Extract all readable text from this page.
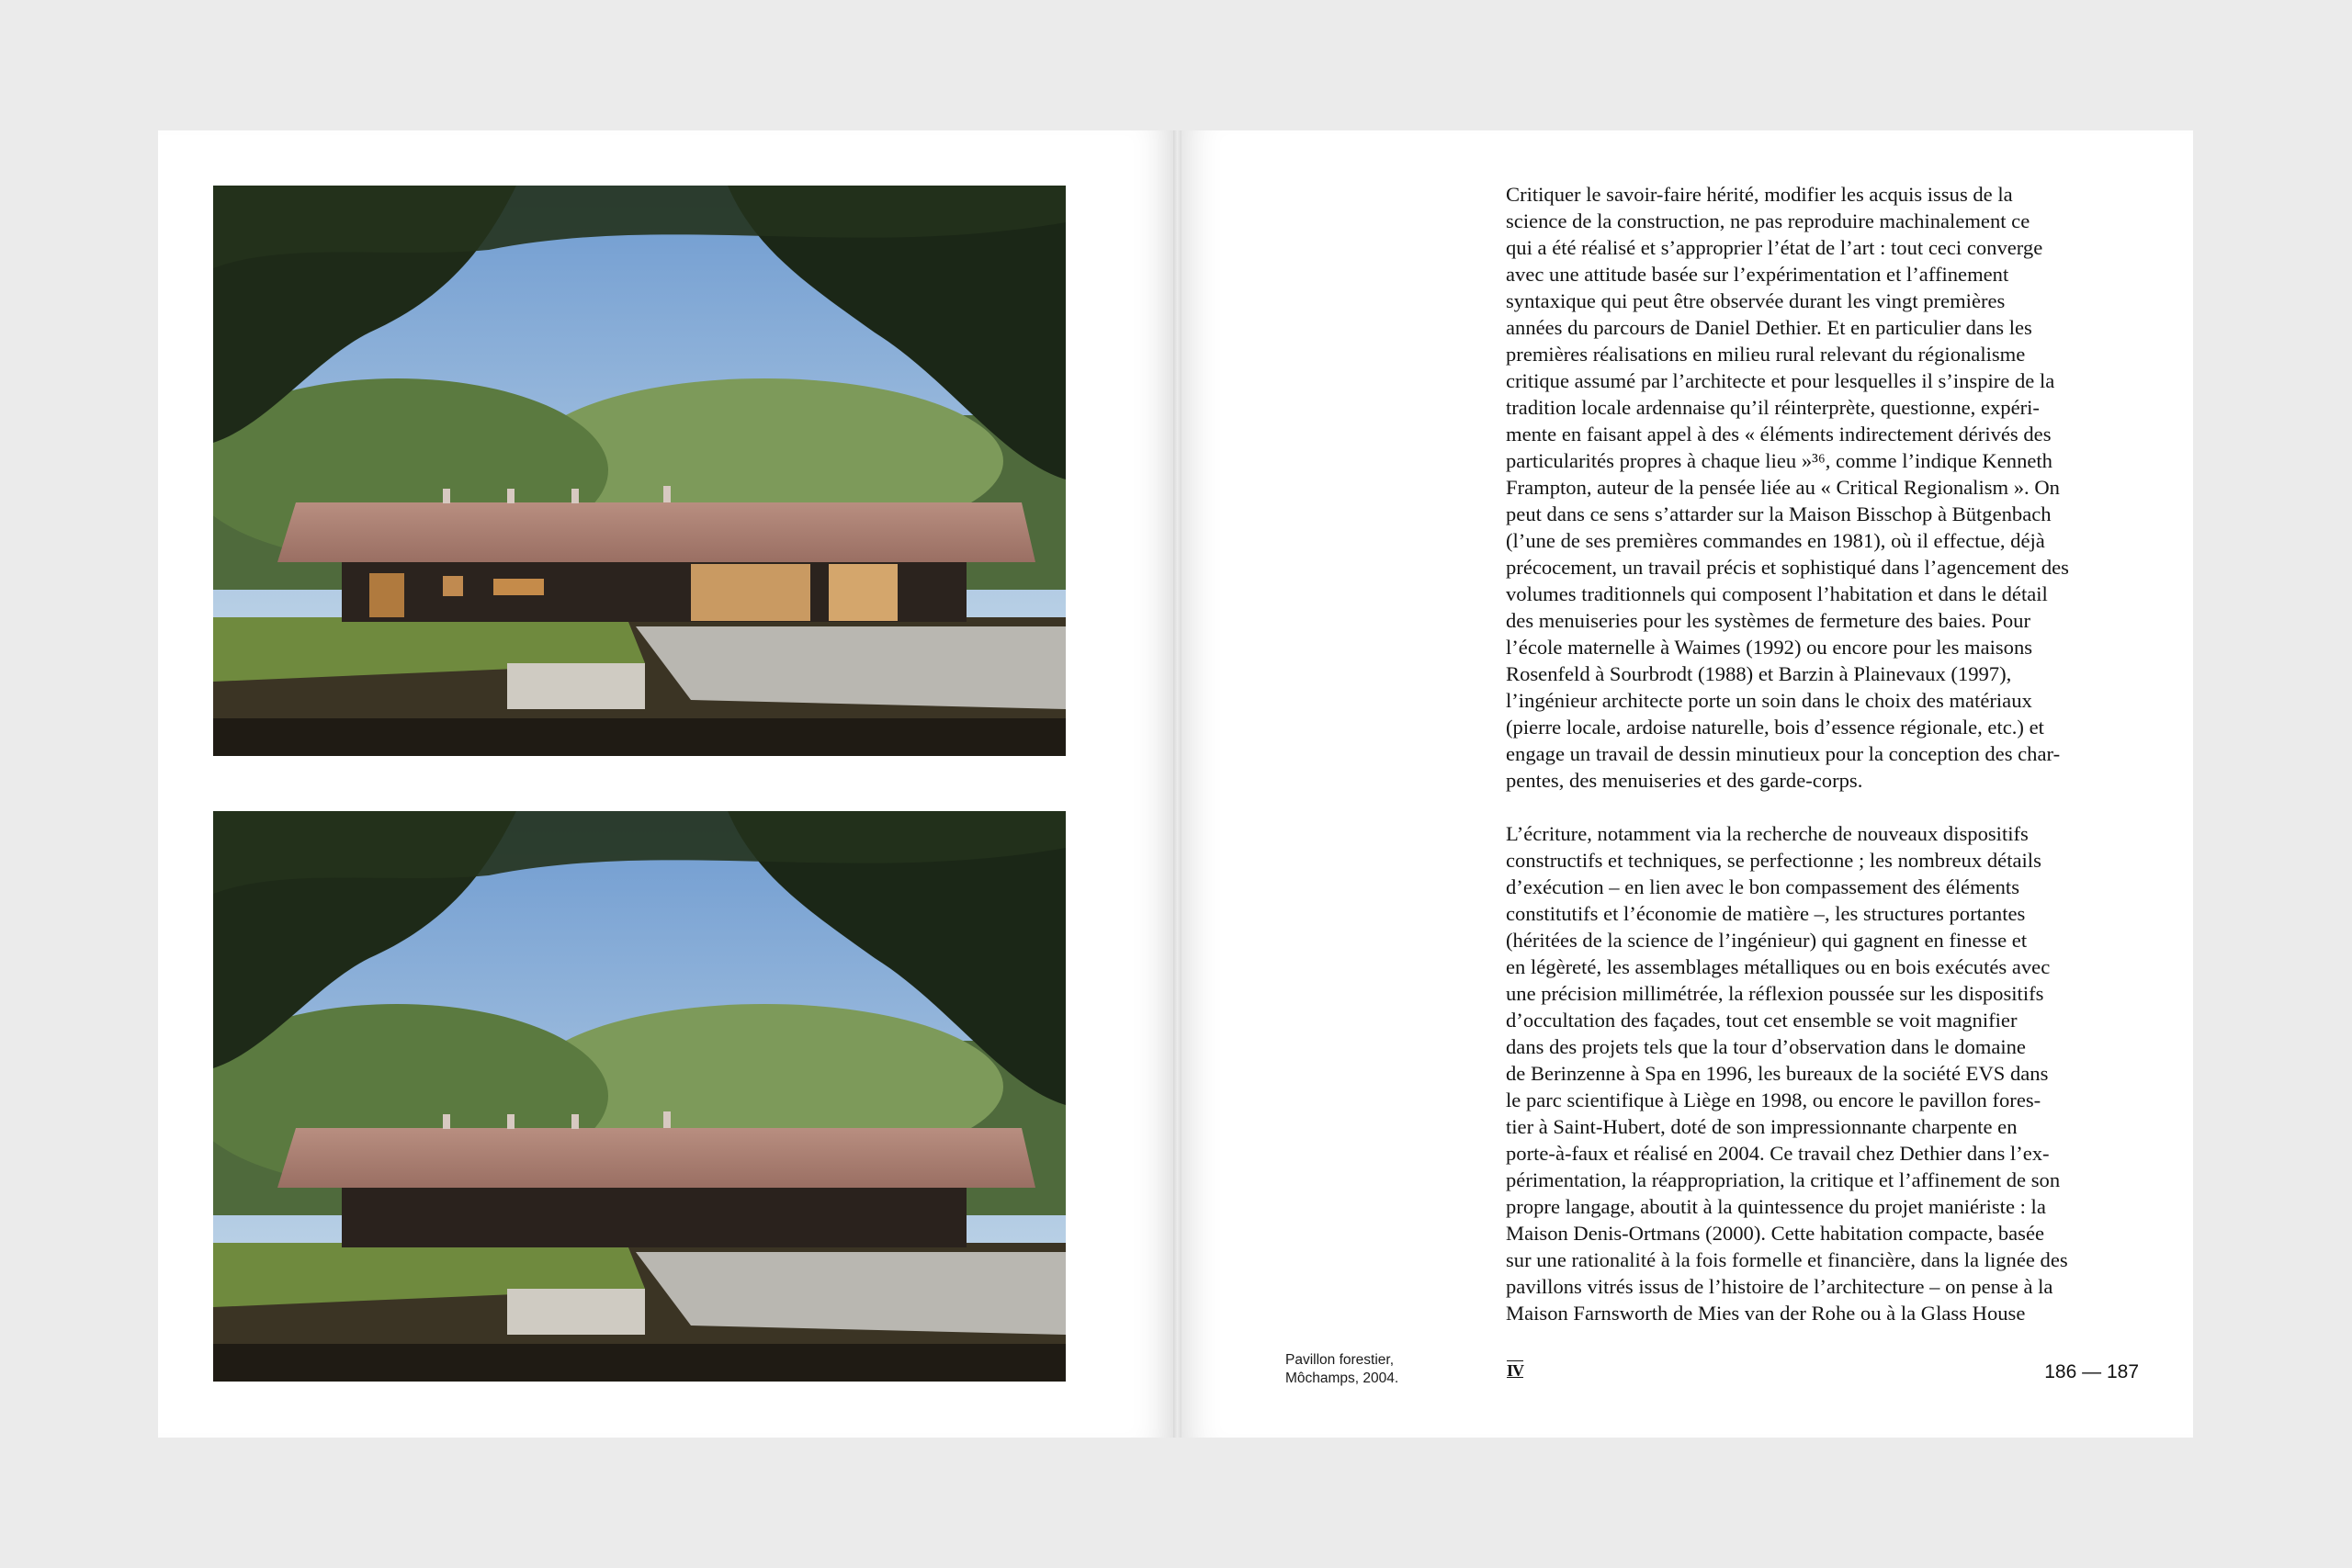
Pavillon forestier,
Môchamps, 2004.	IV	186 — 187
Critiquer le savoir-faire hérité, modifier les acquis issus de la
science de la construction, ne pas reproduire machinalement ce
qui a été réalisé et s’approprier l’état de l’art : tout ceci converge
avec une attitude basée sur l’expérimentation et l’affinement
syntaxique qui peut être observée durant les vingt premières
années du parcours de Daniel Dethier. Et en particulier dans les
premières réalisations en milieu rural relevant du régionalisme
critique assumé par l’architecte et pour lesquelles il s’inspire de la
tradition locale ardennaise qu’il réinterprète, questionne, expéri-
mente en faisant appel à des « éléments indirectement dérivés des
particularités propres à chaque lieu »³⁶, comme l’indique Kenneth
Frampton, auteur de la pensée liée au « Critical Regionalism ». On
peut dans ce sens s’attarder sur la Maison Bisschop à Bütgenbach
(l’une de ses premières commandes en 1981), où il effectue, déjà
précocement, un travail précis et sophistiqué dans l’agencement des
volumes traditionnels qui composent l’habitation et dans le détail
des menuiseries pour les systèmes de fermeture des baies. Pour
l’école maternelle à Waimes (1992) ou encore pour les maisons
Rosenfeld à Sourbrodt (1988) et Barzin à Plainevaux (1997),
l’ingénieur architecte porte un soin dans le choix des matériaux
(pierre locale, ardoise naturelle, bois d’essence régionale, etc.) et
engage un travail de dessin minutieux pour la conception des char-
pentes, des menuiseries et des garde-corps.
L’écriture, notamment via la recherche de nouveaux dispositifs
constructifs et techniques, se perfectionne ; les nombreux détails
d’exécution – en lien avec le bon compassement des éléments
constitutifs et l’économie de matière –, les structures portantes
(héritées de la science de l’ingénieur) qui gagnent en finesse et
en légèreté, les assemblages métalliques ou en bois exécutés avec
une précision millimétrée, la réflexion poussée sur les dispositifs
d’occultation des façades, tout cet ensemble se voit magnifier
dans des projets tels que la tour d’observation dans le domaine
de Berinzenne à Spa en 1996, les bureaux de la société EVS dans
le parc scientifique à Liège en 1998, ou encore le pavillon fores-
tier à Saint-Hubert, doté de son impressionnante charpente en
porte-à-faux et réalisé en 2004. Ce travail chez Dethier dans l’ex-
périmentation, la réappropriation, la critique et l’affinement de son
propre langage, aboutit à la quintessence du projet maniériste : la
Maison Denis-Ortmans (2000). Cette habitation compacte, basée
sur une rationalité à la fois formelle et financière, dans la lignée des
pavillons vitrés issus de l’histoire de l’architecture – on pense à la
Maison Farnsworth de Mies van der Rohe ou à la Glass House
